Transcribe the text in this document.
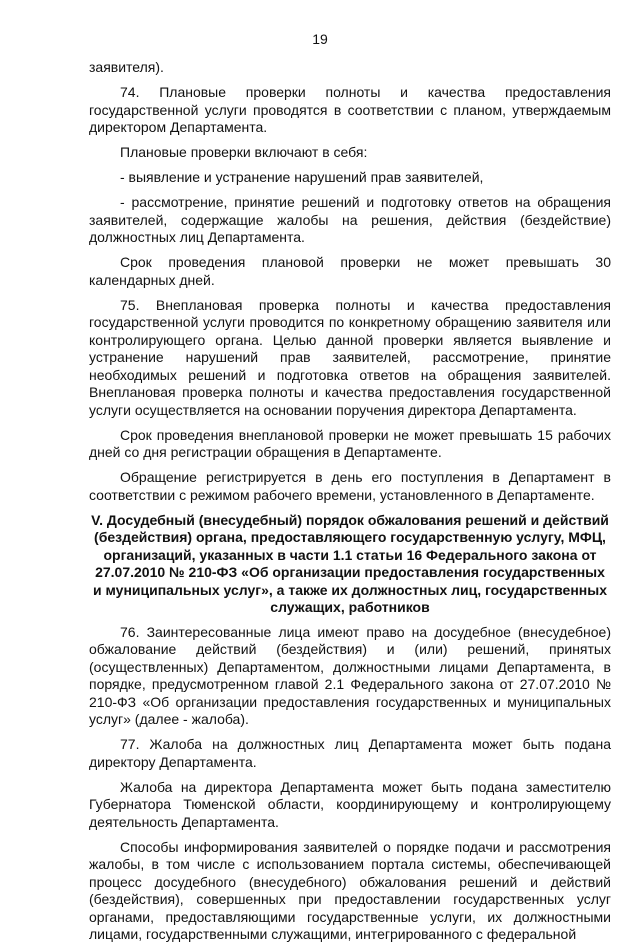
19

заявителя).

74. Плановые проверки полноты и качества предоставления государственной услуги проводятся в соответствии с планом, утверждаемым директором Департамента.

Плановые проверки включают в себя:

- выявление и устранение нарушений прав заявителей,

- рассмотрение, принятие решений и подготовку ответов на обращения заявителей, содержащие жалобы на решения, действия (бездействие) должностных лиц Департамента.

Срок проведения плановой проверки не может превышать 30 календарных дней.

75. Внеплановая проверка полноты и качества предоставления государственной услуги проводится по конкретному обращению заявителя или контролирующего органа. Целью данной проверки является выявление и устранение нарушений прав заявителей, рассмотрение, принятие необходимых решений и подготовка ответов на обращения заявителей. Внеплановая проверка полноты и качества предоставления государственной услуги осуществляется на основании поручения директора Департамента.

Срок проведения внеплановой проверки не может превышать 15 рабочих дней со дня регистрации обращения в Департаменте.

Обращение регистрируется в день его поступления в Департамент в соответствии с режимом рабочего времени, установленного в Департаменте.

V. Досудебный (внесудебный) порядок обжалования решений и действий (бездействия) органа, предоставляющего государственную услугу, МФЦ, организаций, указанных в части 1.1 статьи 16 Федерального закона от 27.07.2010 № 210-ФЗ «Об организации предоставления государственных и муниципальных услуг», а также их должностных лиц, государственных служащих, работников

76. Заинтересованные лица имеют право на досудебное (внесудебное) обжалование действий (бездействия) и (или) решений, принятых (осуществленных) Департаментом, должностными лицами Департамента, в порядке, предусмотренном главой 2.1 Федерального закона от 27.07.2010 № 210-ФЗ «Об организации предоставления государственных и муниципальных услуг» (далее - жалоба).

77. Жалоба на должностных лиц Департамента может быть подана директору Департамента.

Жалоба на директора Департамента может быть подана заместителю Губернатора Тюменской области, координирующему и контролирующему деятельность Департамента.

Способы информирования заявителей о порядке подачи и рассмотрения жалобы, в том числе с использованием портала системы, обеспечивающей процесс досудебного (внесудебного) обжалования решений и действий (бездействия), совершенных при предоставлении государственных услуг органами, предоставляющими государственные услуги, их должностными лицами, государственными служащими, интегрированного с федеральной
